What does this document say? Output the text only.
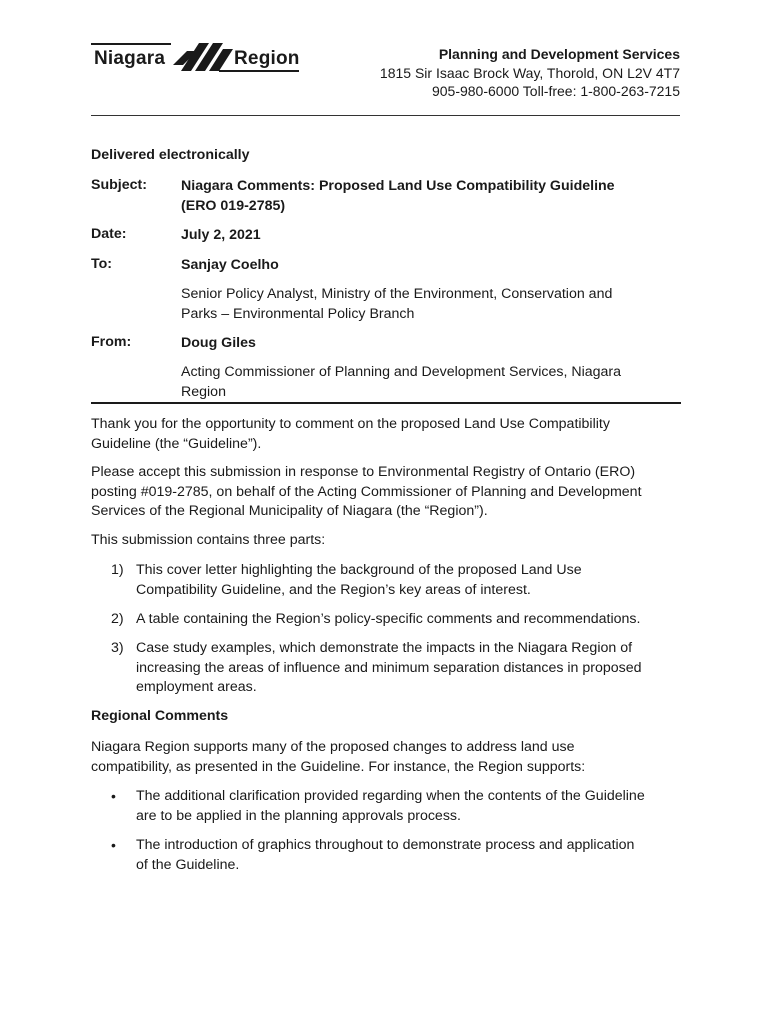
Niagara	Region	Planning and Development Services
1815 Sir Isaac Brock Way, Thorold, ON L2V 4T7
905-980-6000 Toll-free: 1-800-263-7215
Delivered electronically
Subject: Niagara Comments: Proposed Land Use Compatibility Guideline
(ERO 019-2785)
Date:	July 2, 2021
To:	Sanjay Coelho
Senior Policy Analyst, Ministry of the Environment, Conservation and
Parks – Environmental Policy Branch
From:	Doug Giles
Acting Commissioner of Planning and Development Services, Niagara
Region
Thank you for the opportunity to comment on the proposed Land Use Compatibility
Guideline (the “Guideline”).
Please accept this submission in response to Environmental Registry of Ontario (ERO)
posting #019-2785, on behalf of the Acting Commissioner of Planning and Development
Services of the Regional Municipality of Niagara (the “Region”).
This submission contains three parts:
1) This cover letter highlighting the background of the proposed Land Use
Compatibility Guideline, and the Region’s key areas of interest.
2) A table containing the Region’s policy-specific comments and recommendations.
3) Case study examples, which demonstrate the impacts in the Niagara Region of
increasing the areas of influence and minimum separation distances in proposed
employment areas.
Regional Comments
Niagara Region supports many of the proposed changes to address land use
compatibility, as presented in the Guideline. For instance, the Region supports:
• The additional clarification provided regarding when the contents of the Guideline
are to be applied in the planning approvals process.
• The introduction of graphics throughout to demonstrate process and application
of the Guideline.
